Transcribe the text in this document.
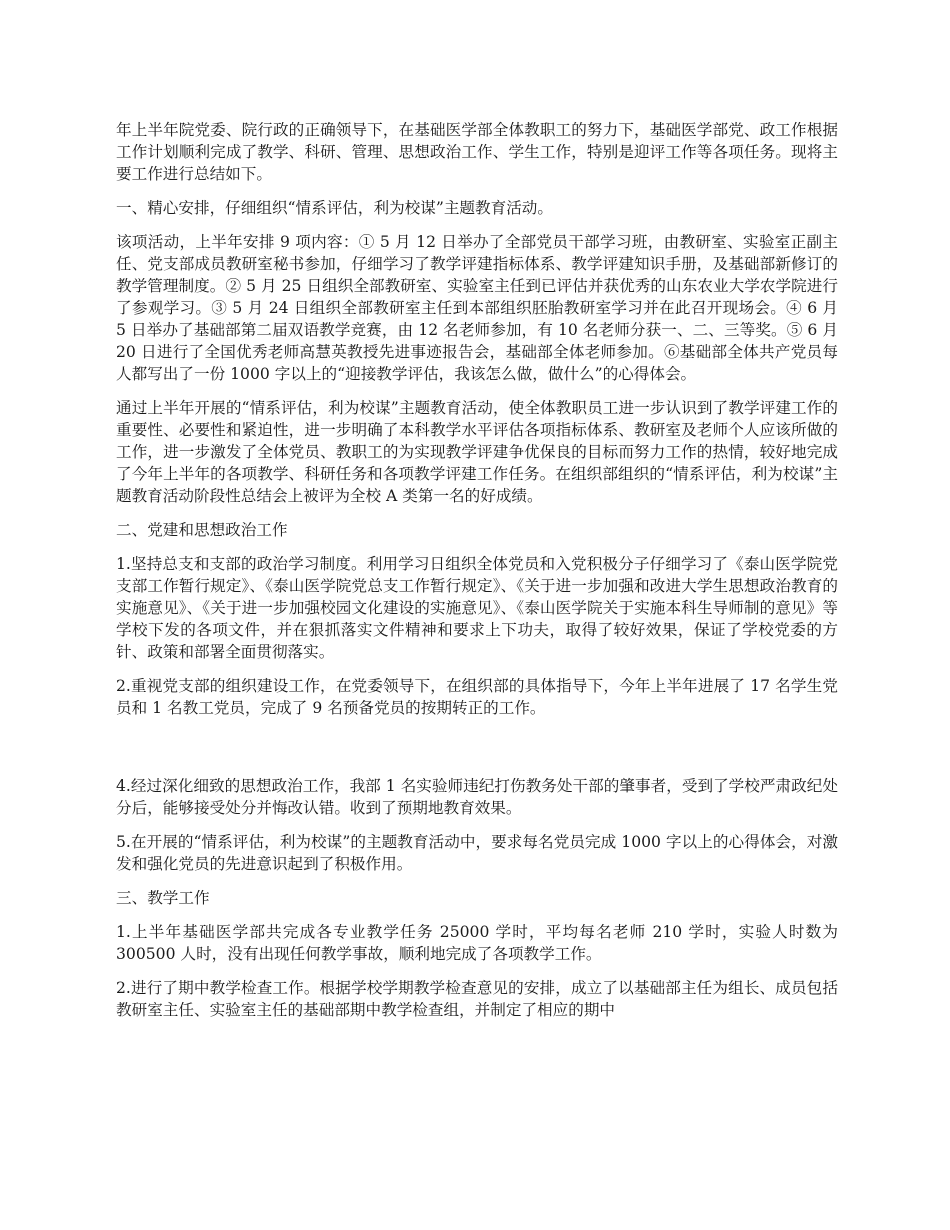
年上半年院党委、院行政的正确领导下，在基础医学部全体教职工的努力下，基础医学部党、政工作根据工作计划顺利完成了教学、科研、管理、思想政治工作、学生工作，特别是迎评工作等各项任务。现将主要工作进行总结如下。

一、精心安排，仔细组织“情系评估，利为校谋”主题教育活动。

该项活动，上半年安排 9 项内容：① 5 月 12 日举办了全部党员干部学习班，由教研室、实验室正副主任、党支部成员教研室秘书参加，仔细学习了教学评建指标体系、教学评建知识手册，及基础部新修订的教学管理制度。② 5 月 25 日组织全部教研室、实验室主任到已评估并获优秀的山东农业大学农学院进行了参观学习。③ 5 月 24 日组织全部教研室主任到本部组织胚胎教研室学习并在此召开现场会。④ 6 月 5 日举办了基础部第二届双语教学竞赛，由 12 名老师参加，有 10 名老师分获一、二、三等奖。⑤ 6 月 20 日进行了全国优秀老师高慧英教授先进事迹报告会，基础部全体老师参加。⑥基础部全体共产党员每人都写出了一份 1000 字以上的“迎接教学评估，我该怎么做，做什么”的心得体会。

通过上半年开展的“情系评估，利为校谋”主题教育活动，使全体教职员工进一步认识到了教学评建工作的重要性、必要性和紧迫性，进一步明确了本科教学水平评估各项指标体系、教研室及老师个人应该所做的工作，进一步激发了全体党员、教职工的为实现教学评建争优保良的目标而努力工作的热情，较好地完成了今年上半年的各项教学、科研任务和各项教学评建工作任务。在组织部组织的“情系评估，利为校谋”主题教育活动阶段性总结会上被评为全校 A 类第一名的好成绩。

二、党建和思想政治工作

1.坚持总支和支部的政治学习制度。利用学习日组织全体党员和入党积极分子仔细学习了《泰山医学院党支部工作暂行规定》、《泰山医学院党总支工作暂行规定》、《关于进一步加强和改进大学生思想政治教育的实施意见》、《关于进一步加强校园文化建设的实施意见》、《泰山医学院关于实施本科生导师制的意见》等学校下发的各项文件，并在狠抓落实文件精神和要求上下功夫，取得了较好效果，保证了学校党委的方针、政策和部署全面贯彻落实。

2.重视党支部的组织建设工作，在党委领导下，在组织部的具体指导下，今年上半年进展了 17 名学生党员和 1 名教工党员，完成了 9 名预备党员的按期转正的工作。

4.经过深化细致的思想政治工作，我部 1 名实验师违纪打伤教务处干部的肇事者，受到了学校严肃政纪处分后，能够接受处分并悔改认错。收到了预期地教育效果。

5.在开展的“情系评估，利为校谋”的主题教育活动中，要求每名党员完成 1000 字以上的心得体会，对激发和强化党员的先进意识起到了积极作用。

三、教学工作

1.上半年基础医学部共完成各专业教学任务 25000 学时，平均每名老师 210 学时，实验人时数为 300500 人时，没有出现任何教学事故，顺利地完成了各项教学工作。

2.进行了期中教学检查工作。根据学校学期教学检查意见的安排，成立了以基础部主任为组长、成员包括教研室主任、实验室主任的基础部期中教学检查组，并制定了相应的期中
